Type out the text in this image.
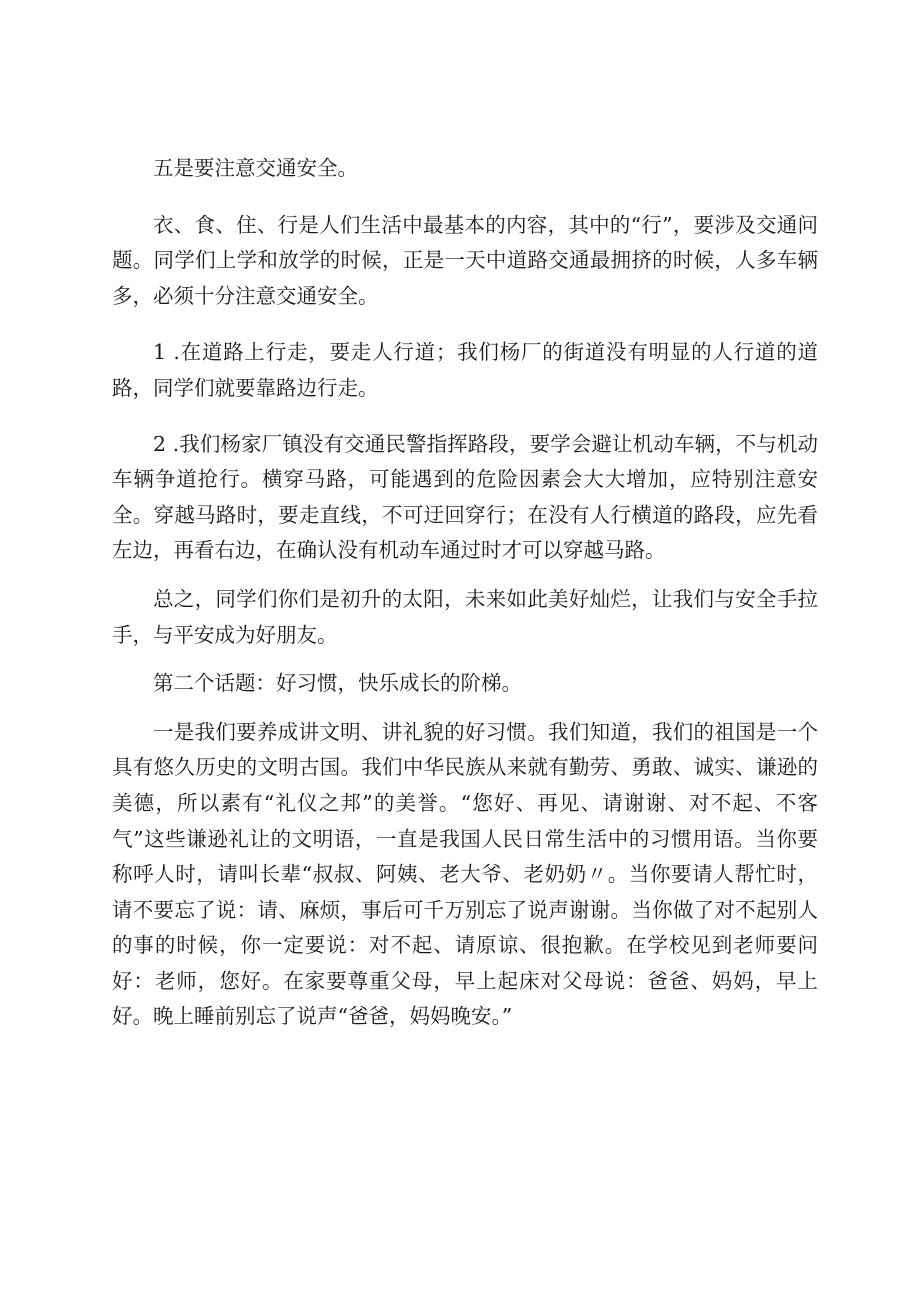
五是要注意交通安全。

衣、食、住、行是人们生活中最基本的内容，其中的“行”，要涉及交通问题。同学们上学和放学的时候，正是一天中道路交通最拥挤的时候，人多车辆多，必须十分注意交通安全。

1 .在道路上行走，要走人行道；我们杨厂的街道没有明显的人行道的道路，同学们就要靠路边行走。

2 .我们杨家厂镇没有交通民警指挥路段，要学会避让机动车辆，不与机动车辆争道抢行。横穿马路，可能遇到的危险因素会大大增加，应特别注意安全。穿越马路时，要走直线，不可迂回穿行；在没有人行横道的路段，应先看左边，再看右边，在确认没有机动车通过时才可以穿越马路。

总之，同学们你们是初升的太阳，未来如此美好灿烂，让我们与安全手拉手，与平安成为好朋友。

第二个话题：好习惯，快乐成长的阶梯。

一是我们要养成讲文明、讲礼貌的好习惯。我们知道，我们的祖国是一个具有悠久历史的文明古国。我们中华民族从来就有勤劳、勇敢、诚实、谦逊的美德，所以素有“礼仪之邦”的美誉。“您好、再见、请谢谢、对不起、不客气”这些谦逊礼让的文明语，一直是我国人民日常生活中的习惯用语。当你要称呼人时，请叫长辈“叔叔、阿姨、老大爷、老奶奶〃。当你要请人帮忙时，请不要忘了说：请、麻烦，事后可千万别忘了说声谢谢。当你做了对不起别人的事的时候，你一定要说：对不起、请原谅、很抱歉。在学校见到老师要问好：老师，您好。在家要尊重父母，早上起床对父母说：爸爸、妈妈，早上好。晚上睡前别忘了说声“爸爸，妈妈晚安。”
